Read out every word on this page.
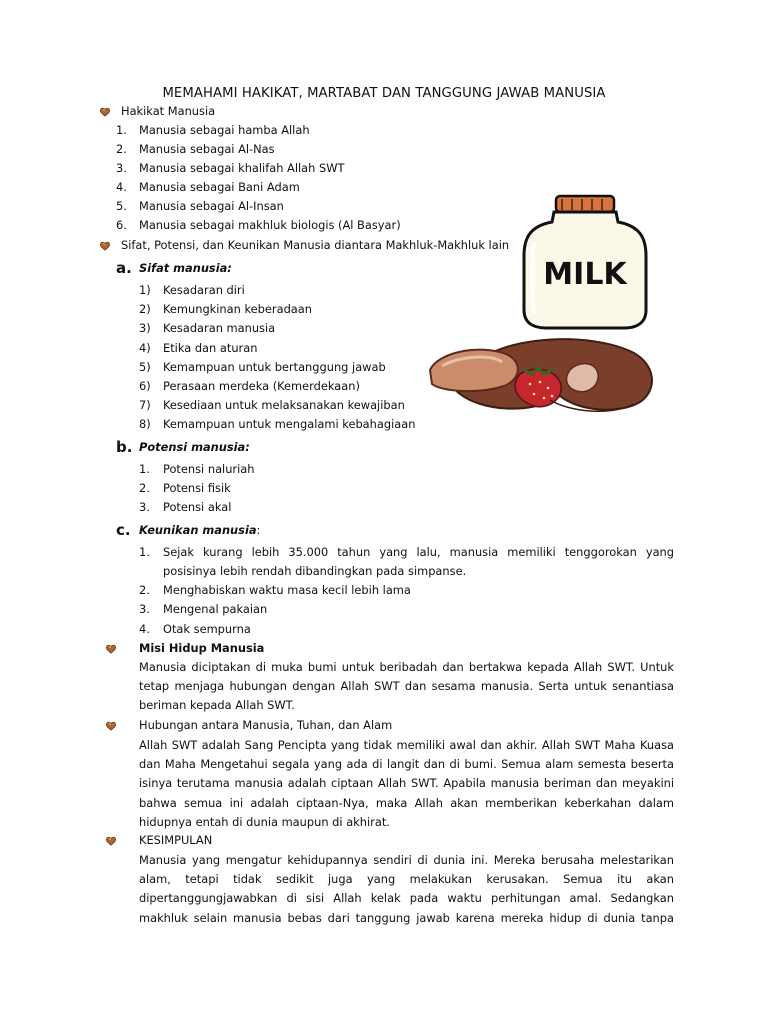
MEMAHAMI HAKIKAT, MARTABAT DAN TANGGUNG JAWAB MANUSIA
Hakikat Manusia
1. Manusia sebagai hamba Allah
2. Manusia sebagai Al-Nas
3. Manusia sebagai khalifah Allah SWT
4. Manusia sebagai Bani Adam
5. Manusia sebagai Al-Insan
6. Manusia sebagai makhluk biologis (Al Basyar)
Sifat, Potensi, dan Keunikan Manusia diantara Makhluk-Makhluk lain
a. Sifat manusia:
1) Kesadaran diri
2) Kemungkinan keberadaan
3) Kesadaran manusia
4) Etika dan aturan
5) Kemampuan untuk bertanggung jawab
6) Perasaan merdeka (Kemerdekaan)
7) Kesediaan untuk melaksanakan kewajiban
8) Kemampuan untuk mengalami kebahagiaan
MILK
b. Potensi manusia:
1. Potensi naluriah
2. Potensi fisik
3. Potensi akal
c. Keunikan manusia:
1. Sejak kurang lebih 35.000 tahun yang lalu, manusia memiliki tenggorokan yang
posisinya lebih rendah dibandingkan pada simpanse.
2. Menghabiskan waktu masa kecil lebih lama
3. Mengenal pakaian
4. Otak sempurna
Misi Hidup Manusia
Manusia diciptakan di muka bumi untuk beribadah dan bertakwa kepada Allah SWT. Untuk tetap menjaga hubungan dengan Allah SWT dan sesama manusia. Serta untuk senantiasa beriman kepada Allah SWT.
Hubungan antara Manusia, Tuhan, dan Alam
Allah SWT adalah Sang Pencipta yang tidak memiliki awal dan akhir. Allah SWT Maha Kuasa dan Maha Mengetahui segala yang ada di langit dan di bumi. Semua alam semesta beserta isinya terutama manusia adalah ciptaan Allah SWT. Apabila manusia beriman dan meyakini bahwa semua ini adalah ciptaan-Nya, maka Allah akan memberikan keberkahan dalam hidupnya entah di dunia maupun di akhirat.
KESIMPULAN
Manusia yang mengatur kehidupannya sendiri di dunia ini. Mereka berusaha melestarikan alam, tetapi tidak sedikit juga yang melakukan kerusakan. Semua itu akan dipertanggungjawabkan di sisi Allah kelak pada waktu perhitungan amal. Sedangkan makhluk selain manusia bebas dari tanggung jawab karena mereka hidup di dunia tanpa
